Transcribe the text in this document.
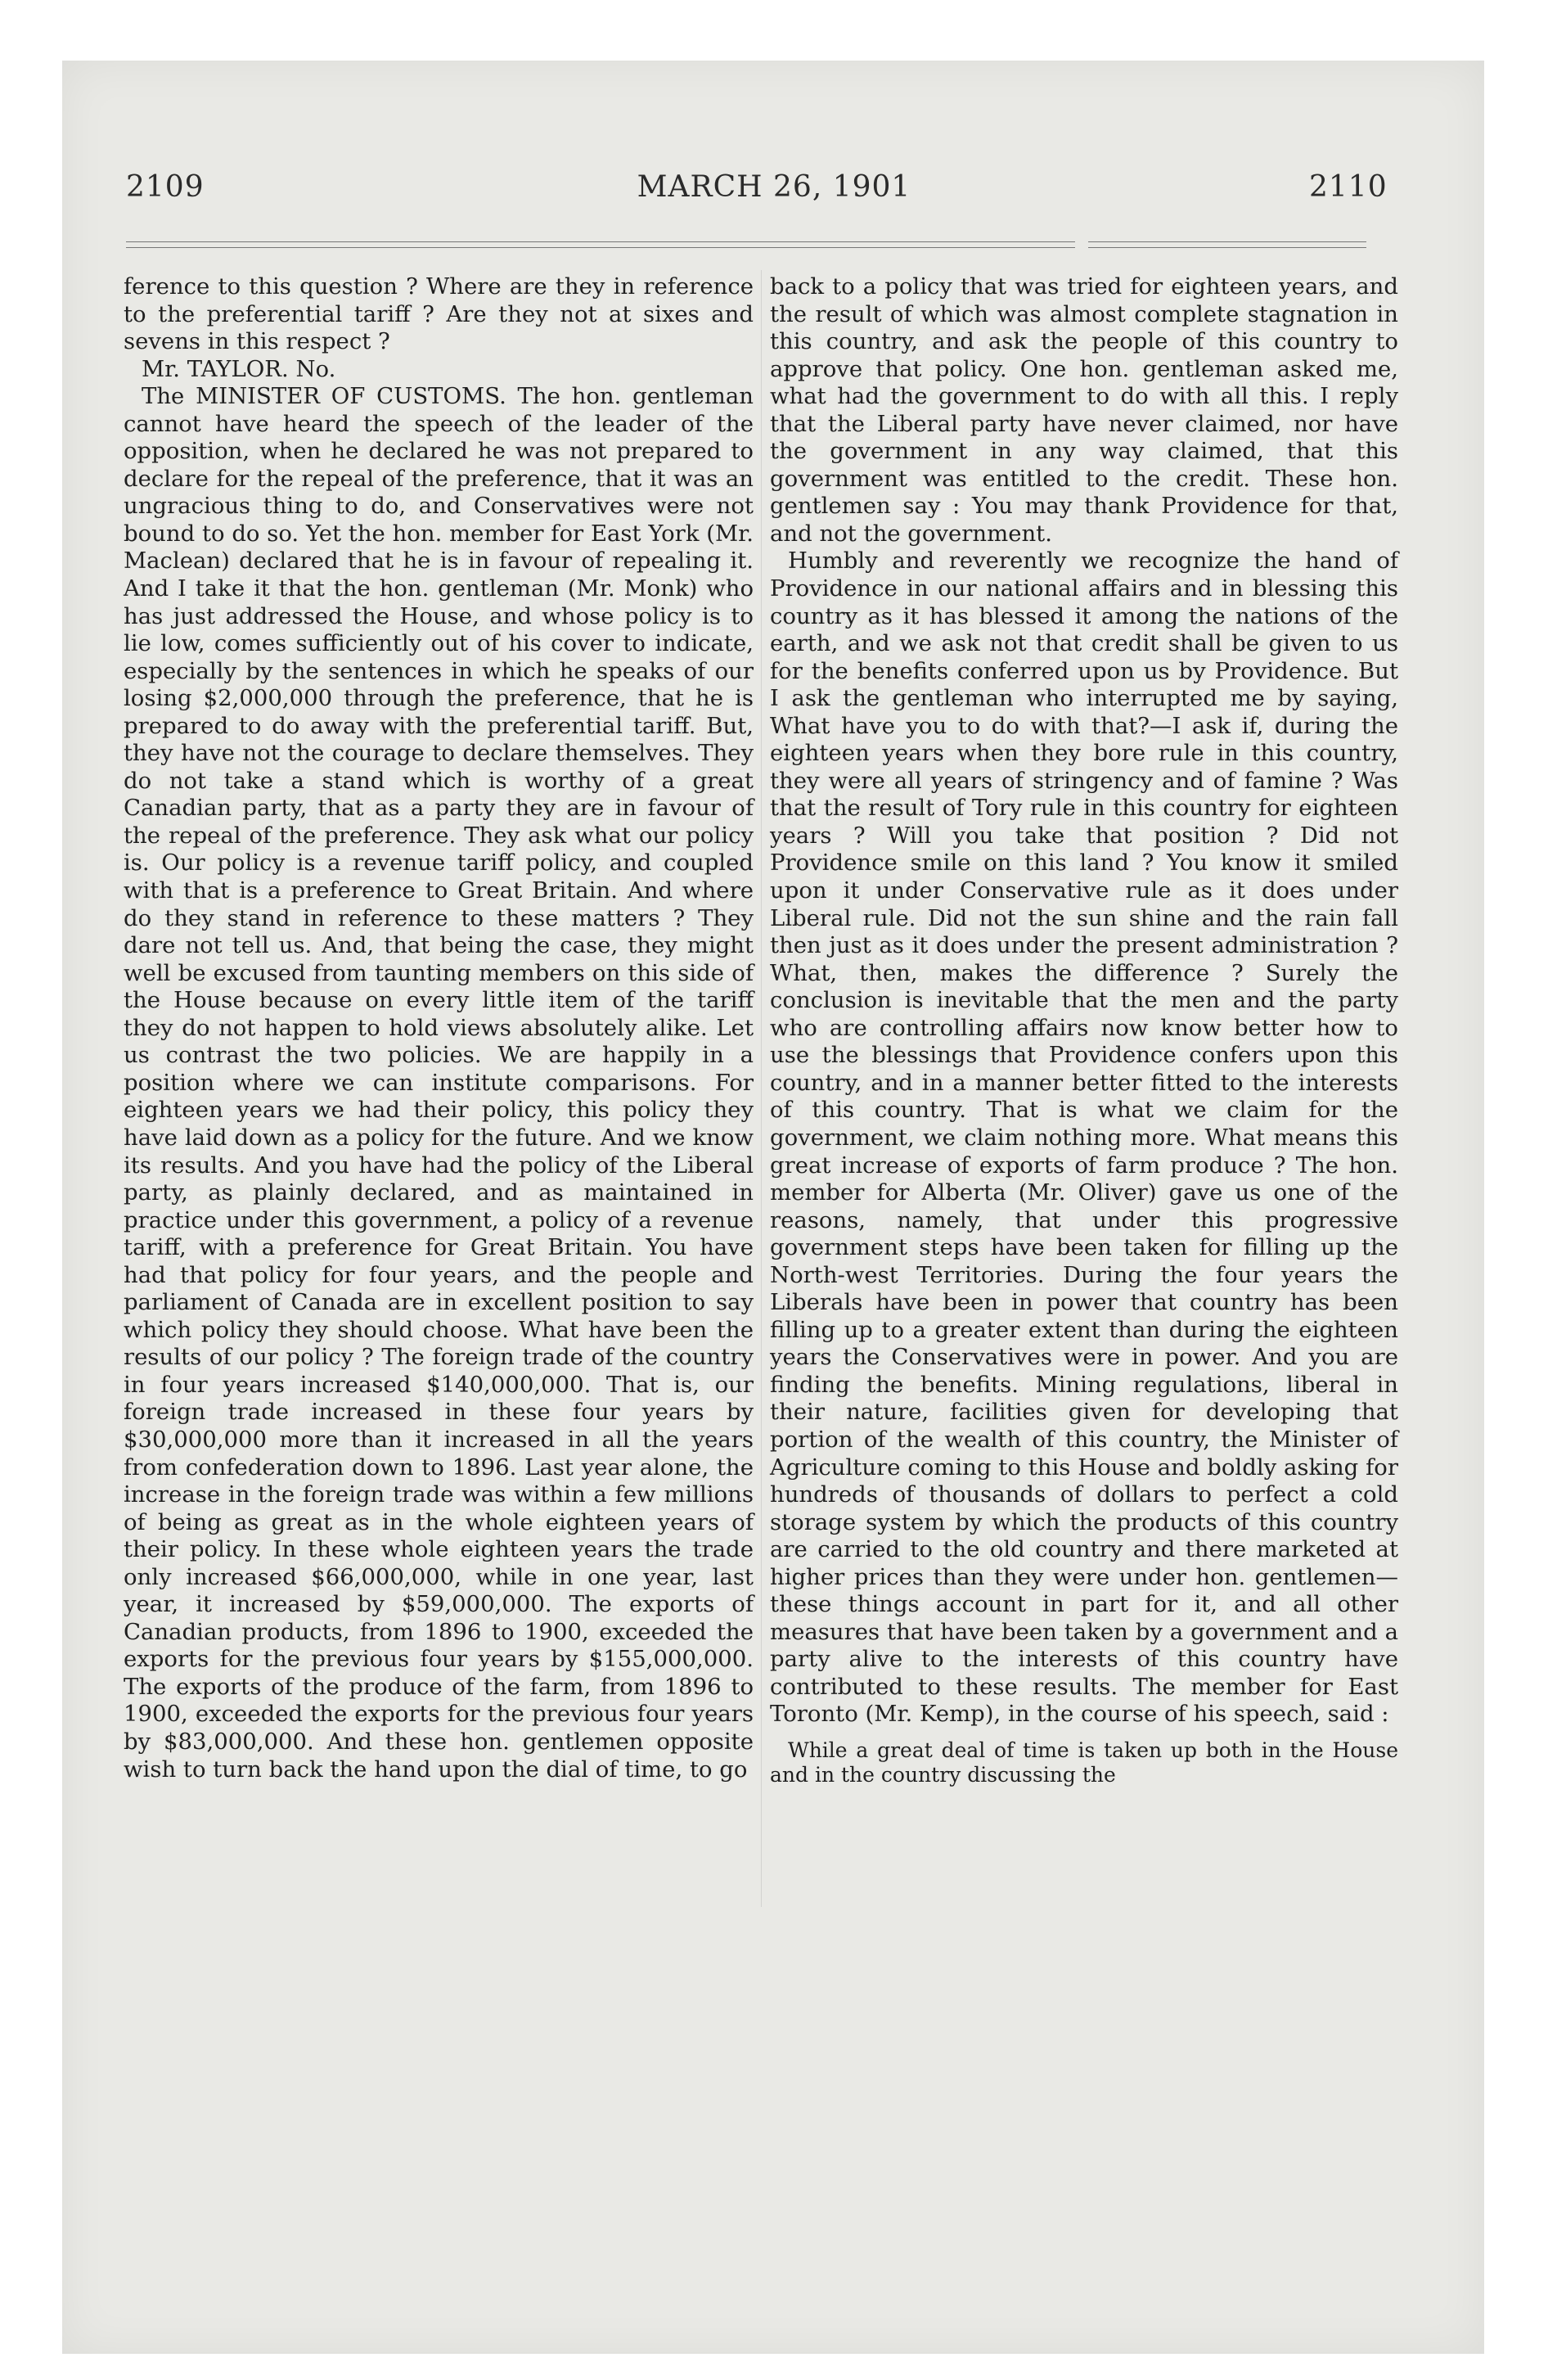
2109	MARCH 26, 1901	2110

ference to this question ? Where are they in reference to the preferential tariff ? Are they not at sixes and sevens in this respect ?

Mr. TAYLOR. No.

The MINISTER OF CUSTOMS. The hon. gentleman cannot have heard the speech of the leader of the opposition, when he declared he was not prepared to declare for the repeal of the preference, that it was an ungracious thing to do, and Conservatives were not bound to do so. Yet the hon. member for East York (Mr. Maclean) declared that he is in favour of repealing it. And I take it that the hon. gentleman (Mr. Monk) who has just addressed the House, and whose policy is to lie low, comes sufficiently out of his cover to indicate, especially by the sentences in which he speaks of our losing $2,000,000 through the preference, that he is prepared to do away with the preferential tariff. But, they have not the courage to declare themselves. They do not take a stand which is worthy of a great Canadian party, that as a party they are in favour of the repeal of the preference. They ask what our policy is. Our policy is a revenue tariff policy, and coupled with that is a preference to Great Britain. And where do they stand in reference to these matters ? They dare not tell us. And, that being the case, they might well be excused from taunting members on this side of the House because on every little item of the tariff they do not happen to hold views absolutely alike. Let us contrast the two policies. We are happily in a position where we can institute comparisons. For eighteen years we had their policy, this policy they have laid down as a policy for the future. And we know its results. And you have had the policy of the Liberal party, as plainly declared, and as maintained in practice under this government, a policy of a revenue tariff, with a preference for Great Britain. You have had that policy for four years, and the people and parliament of Canada are in excellent position to say which policy they should choose. What have been the results of our policy ? The foreign trade of the country in four years increased $140,000,000. That is, our foreign trade increased in these four years by $30,000,000 more than it increased in all the years from confederation down to 1896. Last year alone, the increase in the foreign trade was within a few millions of being as great as in the whole eighteen years of their policy. In these whole eighteen years the trade only increased $66,000,000, while in one year, last year, it increased by $59,000,000. The exports of Canadian products, from 1896 to 1900, exceeded the exports for the previous four years by $155,000,000. The exports of the produce of the farm, from 1896 to 1900, exceeded the exports for the previous four years by $83,000,000. And these hon. gentlemen opposite wish to turn back the hand upon the dial of time, to go

back to a policy that was tried for eighteen years, and the result of which was almost complete stagnation in this country, and ask the people of this country to approve that policy. One hon. gentleman asked me, what had the government to do with all this. I reply that the Liberal party have never claimed, nor have the government in any way claimed, that this government was entitled to the credit. These hon. gentlemen say : You may thank Providence for that, and not the government.

Humbly and reverently we recognize the hand of Providence in our national affairs and in blessing this country as it has blessed it among the nations of the earth, and we ask not that credit shall be given to us for the benefits conferred upon us by Providence. But I ask the gentleman who interrupted me by saying, What have you to do with that?—I ask if, during the eighteen years when they bore rule in this country, they were all years of stringency and of famine ? Was that the result of Tory rule in this country for eighteen years ? Will you take that position ? Did not Providence smile on this land ? You know it smiled upon it under Conservative rule as it does under Liberal rule. Did not the sun shine and the rain fall then just as it does under the present administration ? What, then, makes the difference ? Surely the conclusion is inevitable that the men and the party who are controlling affairs now know better how to use the blessings that Providence confers upon this country, and in a manner better fitted to the interests of this country. That is what we claim for the government, we claim nothing more. What means this great increase of exports of farm produce ? The hon. member for Alberta (Mr. Oliver) gave us one of the reasons, namely, that under this progressive government steps have been taken for filling up the North-west Territories. During the four years the Liberals have been in power that country has been filling up to a greater extent than during the eighteen years the Conservatives were in power. And you are finding the benefits. Mining regulations, liberal in their nature, facilities given for developing that portion of the wealth of this country, the Minister of Agriculture coming to this House and boldly asking for hundreds of thousands of dollars to perfect a cold storage system by which the products of this country are carried to the old country and there marketed at higher prices than they were under hon. gentlemen—these things account in part for it, and all other measures that have been taken by a government and a party alive to the interests of this country have contributed to these results. The member for East Toronto (Mr. Kemp), in the course of his speech, said :

While a great deal of time is taken up both in the House and in the country discussing the
